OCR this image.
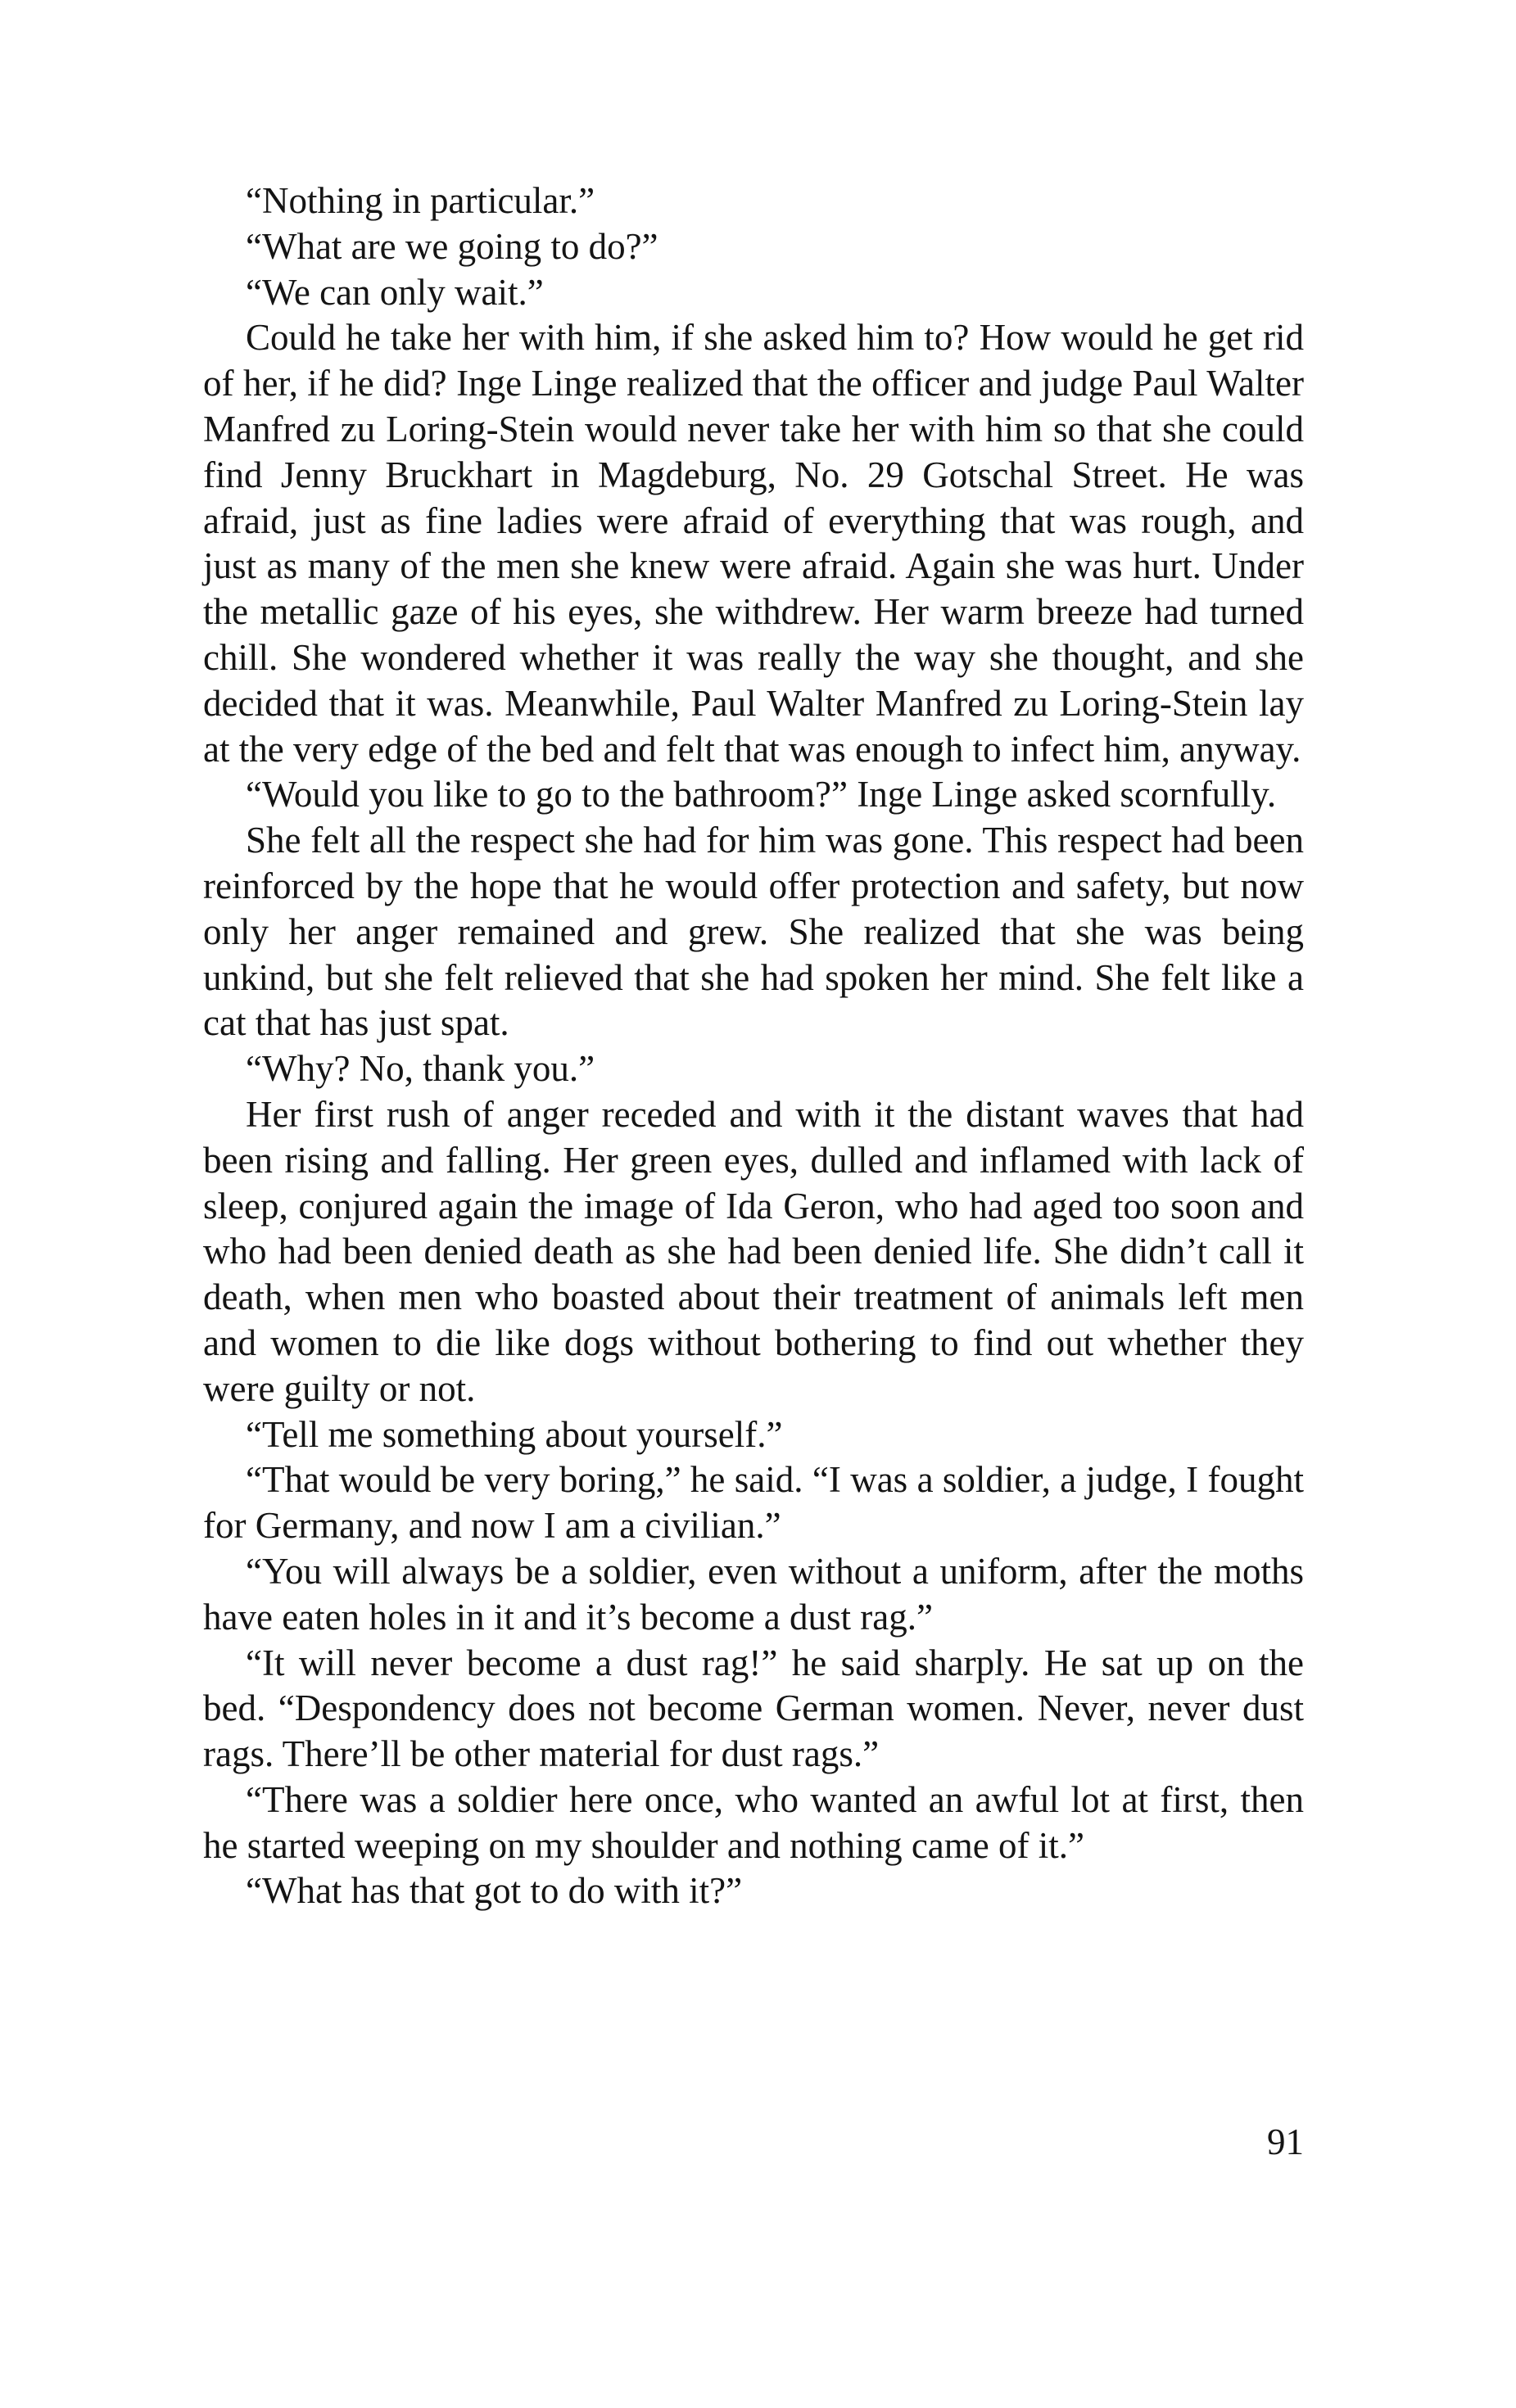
“Nothing in particular.”

“What are we going to do?”

“We can only wait.”

Could he take her with him, if she asked him to? How would he get rid of her, if he did? Inge Linge realized that the officer and judge Paul Walter Manfred zu Loring-Stein would never take her with him so that she could find Jenny Bruckhart in Magdeburg, No. 29 Gotschal Street. He was afraid, just as fine ladies were afraid of everything that was rough, and just as many of the men she knew were afraid. Again she was hurt. Under the metallic gaze of his eyes, she withdrew. Her warm breeze had turned chill. She wondered whether it was really the way she thought, and she decided that it was. Meanwhile, Paul Walter Manfred zu Loring-Stein lay at the very edge of the bed and felt that was enough to infect him, anyway.

“Would you like to go to the bathroom?” Inge Linge asked scornfully.

She felt all the respect she had for him was gone. This respect had been reinforced by the hope that he would offer protection and safety, but now only her anger remained and grew. She realized that she was being unkind, but she felt relieved that she had spoken her mind. She felt like a cat that has just spat.

“Why? No, thank you.”

Her first rush of anger receded and with it the distant waves that had been rising and falling. Her green eyes, dulled and inflamed with lack of sleep, conjured again the image of Ida Geron, who had aged too soon and who had been denied death as she had been denied life. She didn’t call it death, when men who boasted about their treatment of animals left men and women to die like dogs without bothering to find out whether they were guilty or not.

“Tell me something about yourself.”

“That would be very boring,” he said. “I was a soldier, a judge, I fought for Germany, and now I am a civilian.”

“You will always be a soldier, even without a uniform, after the moths have eaten holes in it and it’s become a dust rag.”

“It will never become a dust rag!” he said sharply. He sat up on the bed. “Despondency does not become German women. Never, never dust rags. There’ll be other material for dust rags.”

“There was a soldier here once, who wanted an awful lot at first, then he started weeping on my shoulder and nothing came of it.”

“What has that got to do with it?”

91
